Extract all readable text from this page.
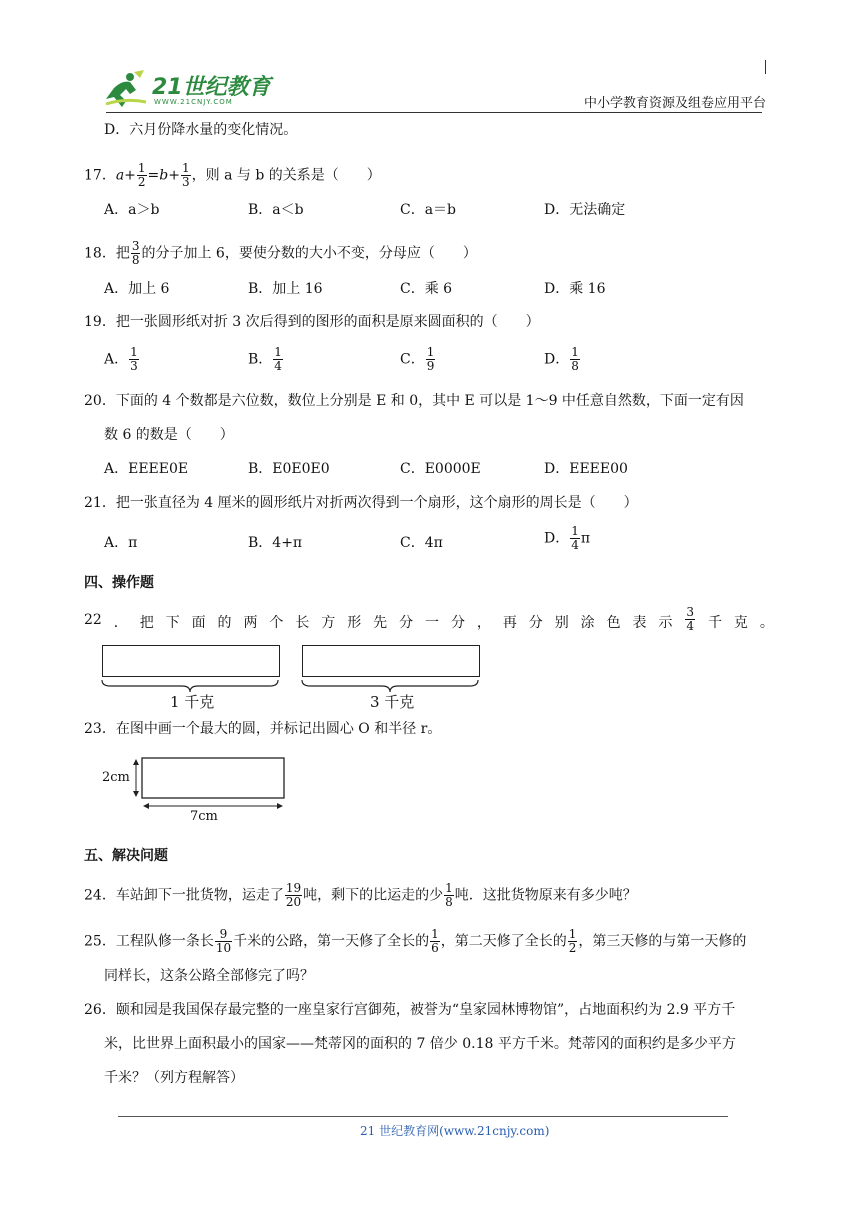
21世纪教育
WWW.21CNJY.COM	中小学教育资源及组卷应用平台
D．六月份降水量的变化情况。
17．$a+ \frac{1}{2} =b+ \frac{1}{3}$ ，则 a 与 b 的关系是（　　）
A．a＞b	B．a＜b	C．a＝b	D．无法确定
18．把 $\frac{3}{8}$ 的分子加上 6，要使分数的大小不变，分母应（　　）
A．加上 6	B．加上 16	C．乘 6	D．乘 16
19．把一张圆形纸对折 3 次后得到的图形的面积是原来圆面积的（　　）
A． $\frac{1}{3}$	B． $\frac{1}{4}$	C． $\frac{1}{9}$	D． $\frac{1}{8}$
20．下面的 4 个数都是六位数，数位上分别是 E 和 0，其中 E 可以是 1～9 中任意自然数，下面一定有因
数 6 的数是（　　）
A．EEEE0E	B．E0E0E0	C．E0000E	D．EEEE00
21．把一张直径为 4 厘米的圆形纸片对折两次得到一个扇形，这个扇形的周长是（　　）
A．π	B．4+π	C．4π	D． $\frac{1}{4}$ π
四、操作题
22 ． 把 下 面 的 两 个 长 方 形 先 分 一 分 ， 再 分 别 涂 色 表 示 $\frac{3}{4}$ 千 克 。
1 千克	3 千克
23．在图中画一个最大的圆，并标记出圆心 O 和半径 r。
2cm
7cm
五、解决问题
24．车站卸下一批货物，运走了 $\frac{19}{20}$ 吨，剩下的比运走的少 $\frac{1}{8}$ 吨．这批货物原来有多少吨？
25．工程队修一条长 $\frac{9}{10}$ 千米的公路，第一天修了全长的 $\frac{1}{6}$ ，第二天修了全长的 $\frac{1}{2}$ ，第三天修的与第一天修的
同样长，这条公路全部修完了吗？
26．颐和园是我国保存最完整的一座皇家行宫御苑，被誉为“皇家园林博物馆”，占地面积约为 2.9 平方千
米，比世界上面积最小的国家——梵蒂冈的面积的 7 倍少 0.18 平方千米。梵蒂冈的面积约是多少平方
千米？（列方程解答）
21 世纪教育网(www.21cnjy.com)
